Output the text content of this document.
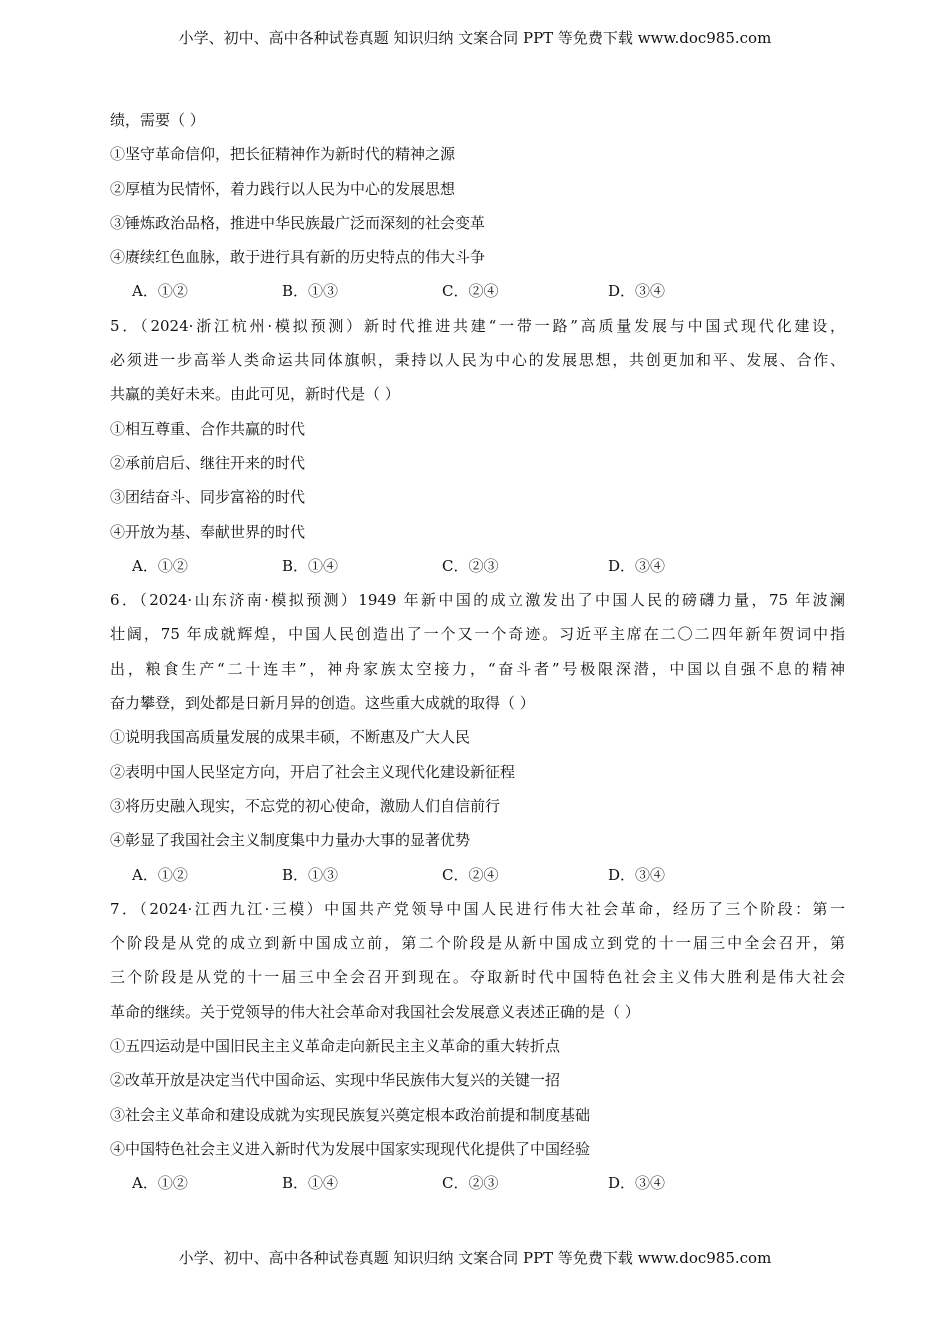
小学、初中、高中各种试卷真题 知识归纳 文案合同 PPT 等免费下载 www.doc985.com
绩，需要（ ）
①坚守革命信仰，把长征精神作为新时代的精神之源
②厚植为民情怀，着力践行以人民为中心的发展思想
③锤炼政治品格，推进中华民族最广泛而深刻的社会变革
④赓续红色血脉，敢于进行具有新的历史特点的伟大斗争
A．①②	B．①③	C．②④	D．③④
5．（2024·浙江杭州·模拟预测）新时代推进共建“一带一路”高质量发展与中国式现代化建设，
必须进一步高举人类命运共同体旗帜，秉持以人民为中心的发展思想，共创更加和平、发展、合作、
共赢的美好未来。由此可见，新时代是（ ）
①相互尊重、合作共赢的时代
②承前启后、继往开来的时代
③团结奋斗、同步富裕的时代
④开放为基、奉献世界的时代
A．①②	B．①④	C．②③	D．③④
6．（2024·山东济南·模拟预测）1949 年新中国的成立激发出了中国人民的磅礴力量，75 年波澜
壮阔，75 年成就辉煌，中国人民创造出了一个又一个奇迹。习近平主席在二〇二四年新年贺词中指
出，粮食生产“二十连丰”，神舟家族太空接力，“奋斗者”号极限深潜，中国以自强不息的精神
奋力攀登，到处都是日新月异的创造。这些重大成就的取得（ ）
①说明我国高质量发展的成果丰硕，不断惠及广大人民
②表明中国人民坚定方向，开启了社会主义现代化建设新征程
③将历史融入现实，不忘党的初心使命，激励人们自信前行
④彰显了我国社会主义制度集中力量办大事的显著优势
A．①②	B．①③	C．②④	D．③④
7．（2024·江西九江·三模）中国共产党领导中国人民进行伟大社会革命，经历了三个阶段：第一
个阶段是从党的成立到新中国成立前，第二个阶段是从新中国成立到党的十一届三中全会召开，第
三个阶段是从党的十一届三中全会召开到现在。夺取新时代中国特色社会主义伟大胜利是伟大社会
革命的继续。关于党领导的伟大社会革命对我国社会发展意义表述正确的是（ ）
①五四运动是中国旧民主主义革命走向新民主主义革命的重大转折点
②改革开放是决定当代中国命运、实现中华民族伟大复兴的关键一招
③社会主义革命和建设成就为实现民族复兴奠定根本政治前提和制度基础
④中国特色社会主义进入新时代为发展中国家实现现代化提供了中国经验
A．①②	B．①④	C．②③	D．③④
小学、初中、高中各种试卷真题 知识归纳 文案合同 PPT 等免费下载 www.doc985.com
